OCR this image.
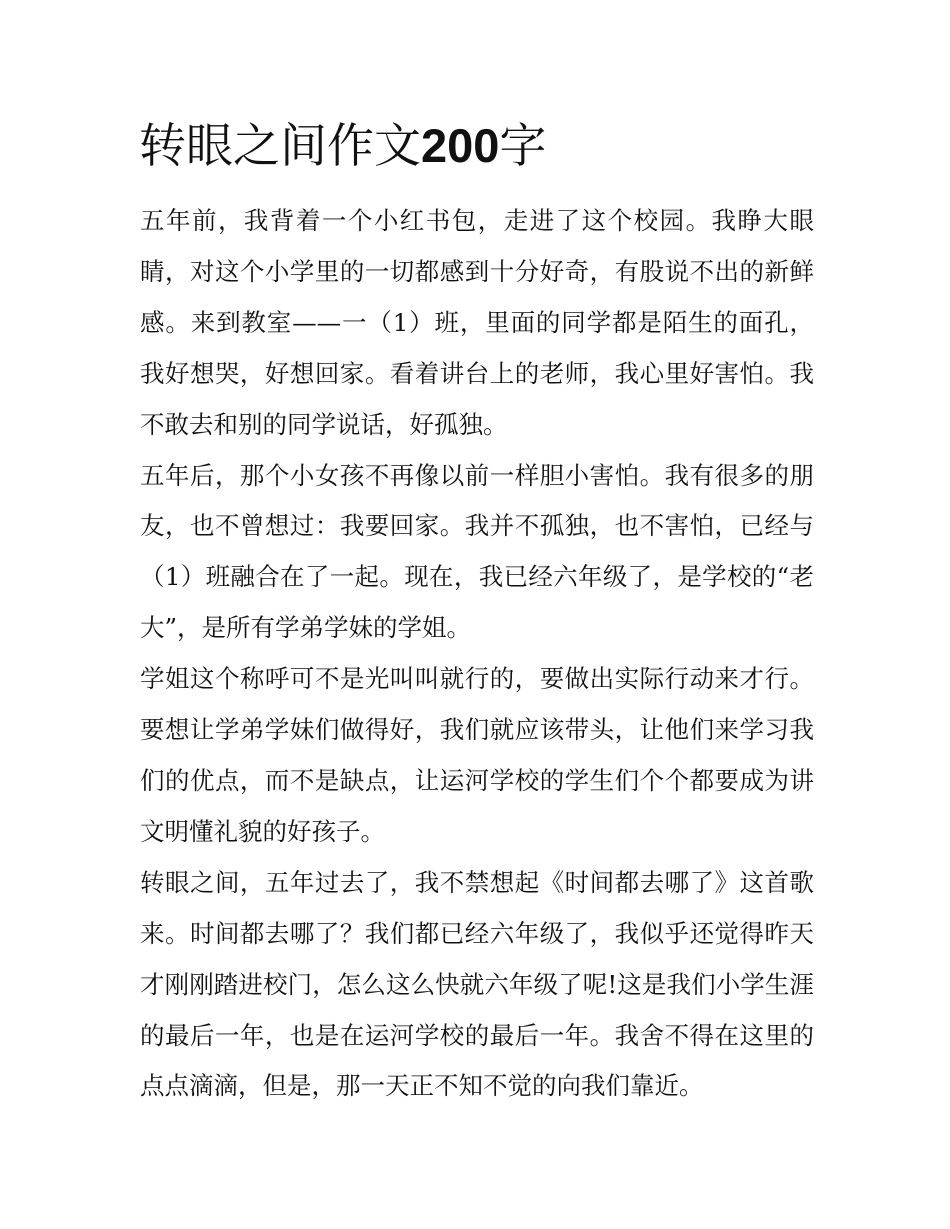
转眼之间作文200字

五年前，我背着一个小红书包，走进了这个校园。我睁大眼睛，对这个小学里的一切都感到十分好奇，有股说不出的新鲜感。来到教室——一（1）班，里面的同学都是陌生的面孔，我好想哭，好想回家。看着讲台上的老师，我心里好害怕。我不敢去和别的同学说话，好孤独。

五年后，那个小女孩不再像以前一样胆小害怕。我有很多的朋友，也不曾想过：我要回家。我并不孤独，也不害怕，已经与（1）班融合在了一起。现在，我已经六年级了，是学校的“老大”，是所有学弟学妹的学姐。

学姐这个称呼可不是光叫叫就行的，要做出实际行动来才行。要想让学弟学妹们做得好，我们就应该带头，让他们来学习我们的优点，而不是缺点，让运河学校的学生们个个都要成为讲文明懂礼貌的好孩子。

转眼之间，五年过去了，我不禁想起《时间都去哪了》这首歌来。时间都去哪了？我们都已经六年级了，我似乎还觉得昨天才刚刚踏进校门，怎么这么快就六年级了呢!这是我们小学生涯的最后一年，也是在运河学校的最后一年。我舍不得在这里的点点滴滴，但是，那一天正不知不觉的向我们靠近。
